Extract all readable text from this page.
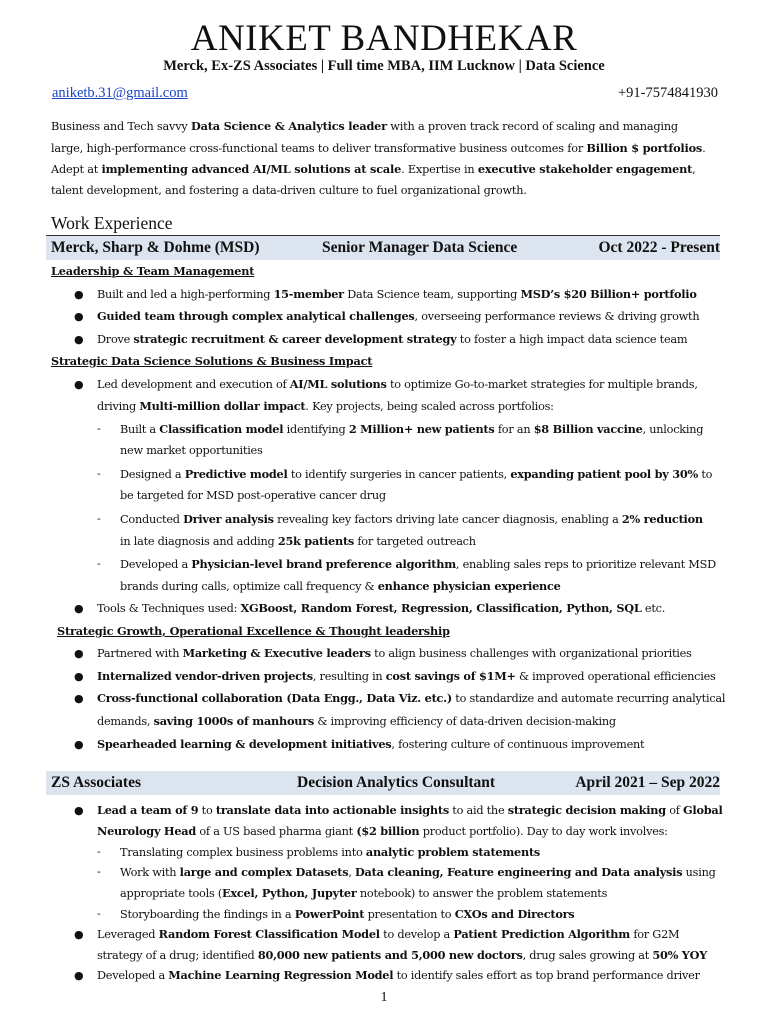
ANIKET BANDHEKAR
Merck, Ex-ZS Associates | Full time MBA, IIM Lucknow | Data Science
aniketb.31@gmail.com	+91-7574841930

Business and Tech savvy Data Science & Analytics leader with a proven track record of scaling and managing

large, high-performance cross-functional teams to deliver transformative business outcomes for Billion $ portfolios.

Adept at implementing advanced AI/ML solutions at scale. Expertise in executive stakeholder engagement,

talent development, and fostering a data-driven culture to fuel organizational growth.

Work Experience
Merck, Sharp & Dohme (MSD)	Senior Manager Data Science	Oct 2022 - Present
Leadership & Team Management
● Built and led a high-performing 15-member Data Science team, supporting MSD’s $20 Billion+ portfolio
● Guided team through complex analytical challenges, overseeing performance reviews & driving growth
● Drove strategic recruitment & career development strategy to foster a high impact data science team
Strategic Data Science Solutions & Business Impact
● Led development and execution of AI/ML solutions to optimize Go-to-market strategies for multiple brands,
driving Multi-million dollar impact. Key projects, being scaled across portfolios:
- Built a Classification model identifying 2 Million+ new patients for an $8 Billion vaccine, unlocking
new market opportunities
- Designed a Predictive model to identify surgeries in cancer patients, expanding patient pool by 30% to
be targeted for MSD post-operative cancer drug
- Conducted Driver analysis revealing key factors driving late cancer diagnosis, enabling a 2% reduction
in late diagnosis and adding 25k patients for targeted outreach
- Developed a Physician-level brand preference algorithm, enabling sales reps to prioritize relevant MSD
brands during calls, optimize call frequency & enhance physician experience
● Tools & Techniques used: XGBoost, Random Forest, Regression, Classification, Python, SQL etc.
Strategic Growth, Operational Excellence & Thought leadership
● Partnered with Marketing & Executive leaders to align business challenges with organizational priorities
● Internalized vendor-driven projects, resulting in cost savings of $1M+ & improved operational efficiencies
● Cross-functional collaboration (Data Engg., Data Viz. etc.) to standardize and automate recurring analytical
demands, saving 1000s of manhours & improving efficiency of data-driven decision-making
● Spearheaded learning & development initiatives, fostering culture of continuous improvement
ZS Associates	Decision Analytics Consultant	April 2021 – Sep 2022
● Lead a team of 9 to translate data into actionable insights to aid the strategic decision making of Global
Neurology Head of a US based pharma giant ($2 billion product portfolio). Day to day work involves:
- Translating complex business problems into analytic problem statements
- Work with large and complex Datasets, Data cleaning, Feature engineering and Data analysis using
appropriate tools (Excel, Python, Jupyter notebook) to answer the problem statements
- Storyboarding the findings in a PowerPoint presentation to CXOs and Directors
● Leveraged Random Forest Classification Model to develop a Patient Prediction Algorithm for G2M
strategy of a drug; identified 80,000 new patients and 5,000 new doctors, drug sales growing at 50% YOY
● Developed a Machine Learning Regression Model to identify sales effort as top brand performance driver
1
